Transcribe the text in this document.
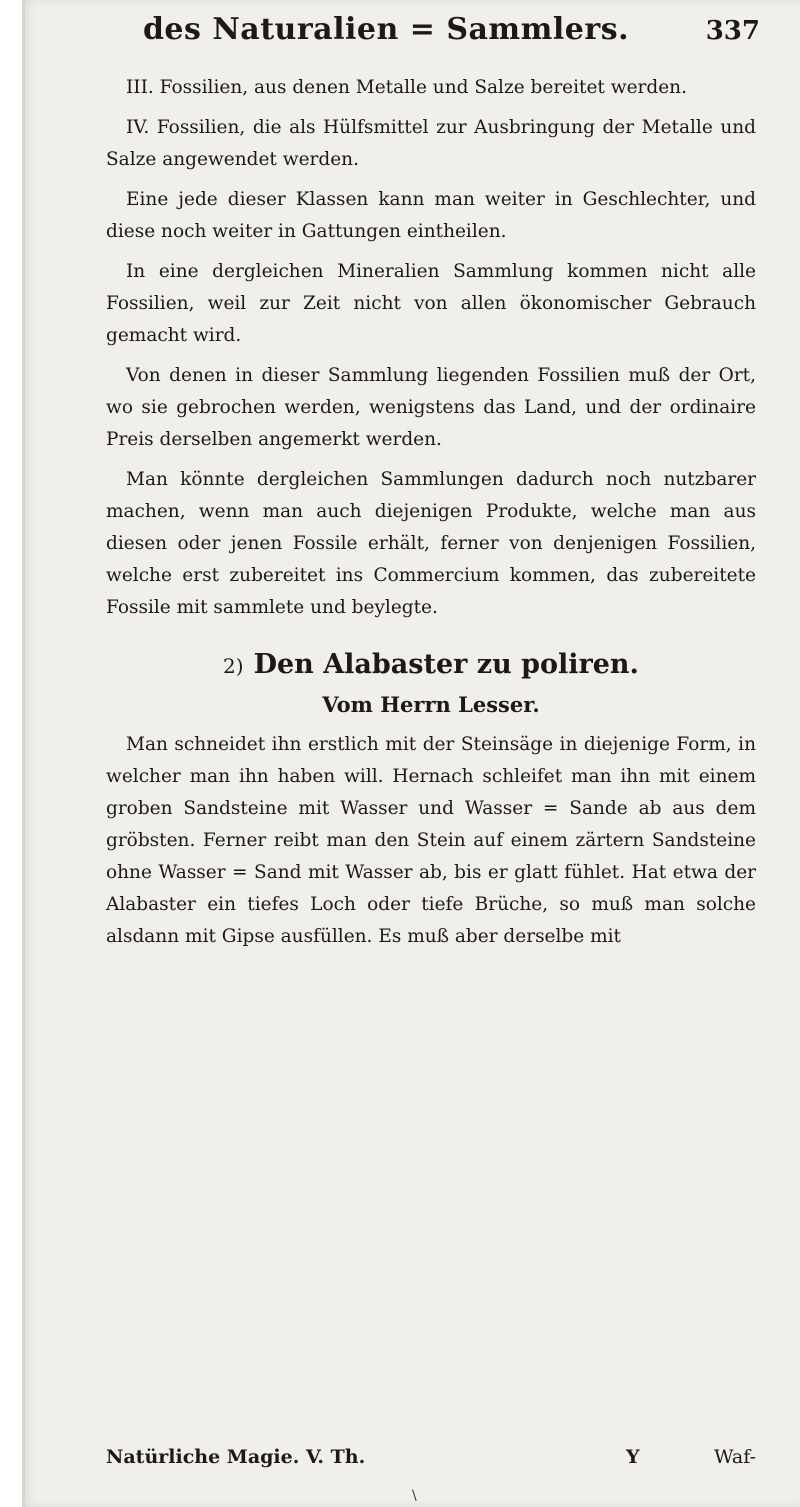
des Naturalien = Sammlers.	337

III. Fossilien, aus denen Metalle und Salze bereitet werden.

IV. Fossilien, die als Hülfsmittel zur Ausbringung der Metalle und Salze angewendet werden.

Eine jede dieser Klassen kann man weiter in Geschlechter, und diese noch weiter in Gattungen eintheilen.

In eine dergleichen Mineralien Sammlung kommen nicht alle Fossilien, weil zur Zeit nicht von allen ökonomischer Gebrauch gemacht wird.

Von denen in dieser Sammlung liegenden Fossilien muß der Ort, wo sie gebrochen werden, wenigstens das Land, und der ordinaire Preis derselben angemerkt werden.

Man könnte dergleichen Sammlungen dadurch noch nutzbarer machen, wenn man auch diejenigen Produkte, welche man aus diesen oder jenen Fossile erhält, ferner von denjenigen Fossilien, welche erst zubereitet ins Commercium kommen, das zubereitete Fossile mit sammlete und beylegte.

2) Den Alabaster zu poliren.
Vom Herrn Lesser.

Man schneidet ihn erstlich mit der Steinsäge in diejenige Form, in welcher man ihn haben will. Hernach schleifet man ihn mit einem groben Sandsteine mit Wasser und Wasser = Sande ab aus dem gröbsten. Ferner reibt man den Stein auf einem zärtern Sandsteine ohne Wasser = Sand mit Wasser ab, bis er glatt fühlet. Hat etwa der Alabaster ein tiefes Loch oder tiefe Brüche, so muß man solche alsdann mit Gipse ausfüllen. Es muß aber derselbe mit

Natürliche Magie. V. Th.	Y	Waf-
\
